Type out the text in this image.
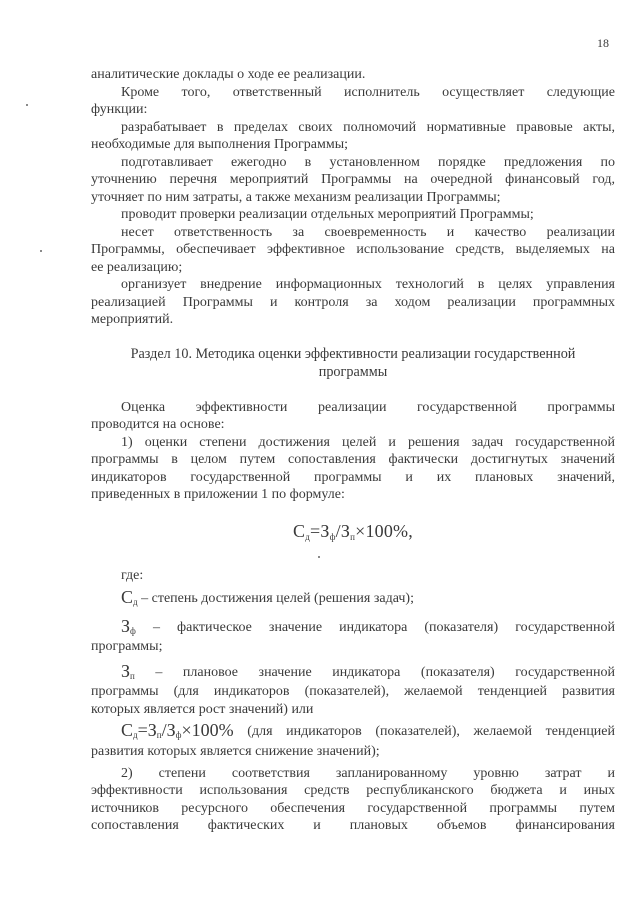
18
аналитические доклады о ходе ее реализации.
Кроме того, ответственный исполнитель осуществляет следующие
функции:
разрабатывает в пределах своих полномочий нормативные правовые акты,
необходимые для выполнения Программы;
подготавливает ежегодно в установленном порядке предложения по
уточнению перечня мероприятий Программы на очередной финансовый год,
уточняет по ним затраты, а также механизм реализации Программы;
проводит проверки реализации отдельных мероприятий Программы;
несет ответственность за своевременность и качество реализации
Программы, обеспечивает эффективное использование средств, выделяемых на
ее реализацию;
организует внедрение информационных технологий в целях управления
реализацией Программы и контроля за ходом реализации программных
мероприятий.
Раздел 10. Методика оценки эффективности реализации государственной
программы
Оценка эффективности реализации государственной программы
проводится на основе:
1) оценки степени достижения целей и решения задач государственной
программы в целом путем сопоставления фактически достигнутых значений
индикаторов государственной программы и их плановых значений,
приведенных в приложении 1 по формуле:
$С_д=З_ф/З_п\times 100\%$,
где:
$С_д$ – степень достижения целей (решения задач);
$З_ф$ – фактическое значение индикатора (показателя) государственной
программы;
$З_п$ – плановое значение индикатора (показателя) государственной
программы (для индикаторов (показателей), желаемой тенденцией развития
которых является рост значений) или
$С_д=З_п/З_ф\times 100\%$ (для индикаторов (показателей), желаемой тенденцией
развития которых является снижение значений);
2) степени соответствия запланированному уровню затрат и
эффективности использования средств республиканского бюджета и иных
источников ресурсного обеспечения государственной программы путем
сопоставления фактических и плановых объемов финансирования
